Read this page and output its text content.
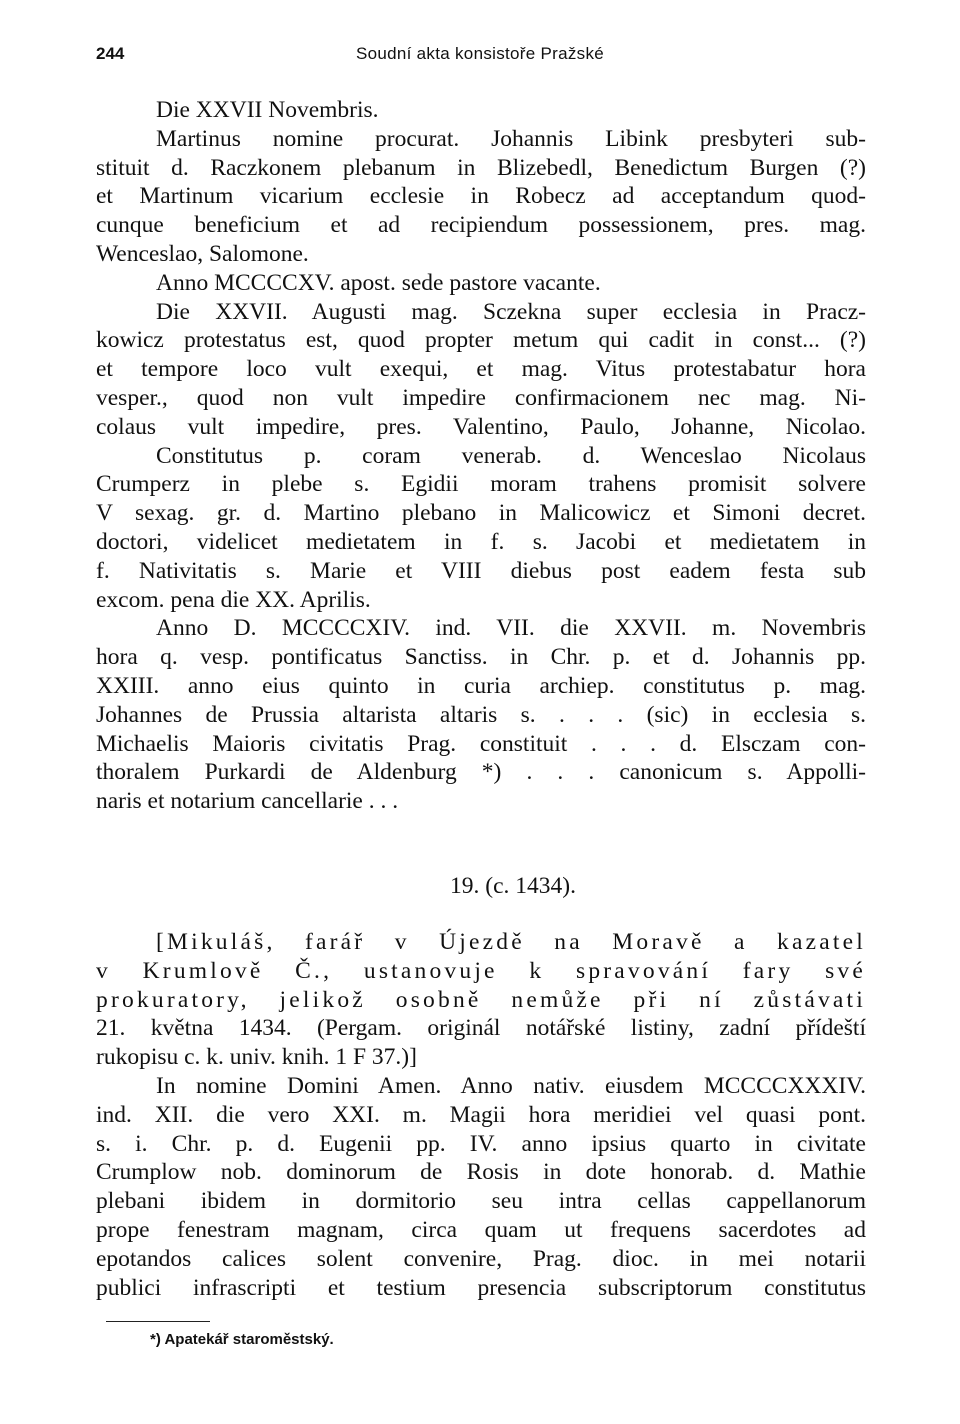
244	Soudní akta konsistoře Pražské
Die XXVII Novembris.
Martinus nomine procurat. Johannis Libink presbyteri sub-
stituit d. Raczkonem plebanum in Blizebedl, Benedictum Burgen (?)
et Martinum vicarium ecclesie in Robecz ad acceptandum quod-
cunque beneficium et ad recipiendum possessionem, pres. mag.
Wenceslao, Salomone.
Anno MCCCCXV. apost. sede pastore vacante.
Die XXVII. Augusti mag. Sczekna super ecclesia in Pracz-
kowicz protestatus est, quod propter metum qui cadit in const... (?)
et tempore loco vult exequi, et mag. Vitus protestabatur hora
vesper., quod non vult impedire confirmacionem nec mag. Ni-
colaus vult impedire, pres. Valentino, Paulo, Johanne, Nicolao.
Constitutus p. coram venerab. d. Wenceslao Nicolaus
Crumperz in plebe s. Egidii moram trahens promisit solvere
V sexag. gr. d. Martino plebano in Malicowicz et Simoni decret.
doctori, videlicet medietatem in f. s. Jacobi et medietatem in
f. Nativitatis s. Marie et VIII diebus post eadem festa sub
excom. pena die XX. Aprilis.
Anno D. MCCCCXIV. ind. VII. die XXVII. m. Novembris
hora q. vesp. pontificatus Sanctiss. in Chr. p. et d. Johannis pp.
XXIII. anno eius quinto in curia archiep. constitutus p. mag.
Johannes de Prussia altarista altaris s. . . . (sic) in ecclesia s.
Michaelis Maioris civitatis Prag. constituit . . . d. Elsczam con-
thoralem Purkardi de Aldenburg *) . . . canonicum s. Appolli-
naris et notarium cancellarie . . .
19. (c. 1434).
[Mikuláš, farář v Újezdě na Moravě a kazatel
v Krumlově Č., ustanovuje k spravování fary své
prokuratory, jelikož osobně nemůže při ní zůstávati
21. května 1434. (Pergam. originál notářské listiny, zadní přídeští
rukopisu c. k. univ. knih. 1 F 37.)]
In nomine Domini Amen. Anno nativ. eiusdem MCCCCXXXIV.
ind. XII. die vero XXI. m. Magii hora meridiei vel quasi pont.
s. i. Chr. p. d. Eugenii pp. IV. anno ipsius quarto in civitate
Crumplow nob. dominorum de Rosis in dote honorab. d. Mathie
plebani ibidem in dormitorio seu intra cellas cappellanorum
prope fenestram magnam, circa quam ut frequens sacerdotes ad
epotandos calices solent convenire, Prag. dioc. in mei notarii
publici infrascripti et testium presencia subscriptorum constitutus
*) Apatekář staroměstský.
